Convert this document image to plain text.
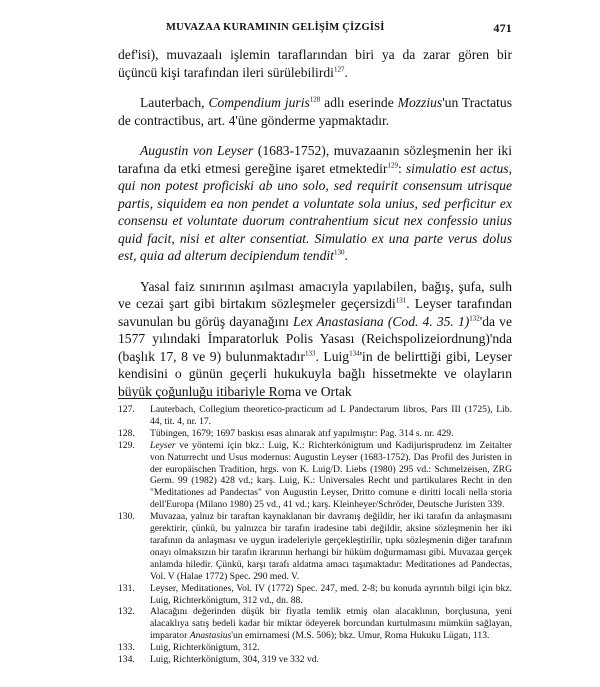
MUVAZAA KURAMININ GELİŞİM ÇİZGİSİ	471

def'isi), muvazaalı işlemin taraflarından biri ya da zarar gören bir üçüncü kişi tarafından ileri sürülebilirdi$^{127}$.

Lauterbach, Compendium juris$^{128}$ adlı eserinde Mozzius'un Tractatus de contractibus, art. 4'üne gönderme yapmaktadır.

Augustin von Leyser (1683-1752), muvazaanın sözleşmenin her iki tarafına da etki etmesi gereğine işaret etmektedir$^{129}$: simulatio est actus, qui non potest proficiski ab uno solo, sed requirit consensum utrisque partis, siquidem ea non pendet a voluntate sola unius, sed perficitur ex consensu et voluntate duorum contrahentium sicut nex confessio unius quid facit, nisi et alter consentiat. Simulatio ex una parte verus dolus est, quia ad alterum decipiendum tendit$^{130}$.

Yasal faiz sınırının aşılması amacıyla yapılabilen, bağış, şufa, sulh ve cezai şart gibi birtakım sözleşmeler geçersizdi$^{131}$. Leyser tarafından savunulan bu görüş dayanağını Lex Anastasiana (Cod. 4. 35. 1)$^{132}$'da ve 1577 yılındaki İmparatorluk Polis Yasası (Reichspolizeiordnung)'nda (başlık 17, 8 ve 9) bulunmaktadır$^{133}$. Luig$^{134}$'in de belirttiği gibi, Leyser kendisini o günün geçerli hukukuyla bağlı hissetmekte ve olayların büyük çoğunluğu itibariyle Roma ve Ortak

127. Lauterbach, Collegium theoretico-practicum ad L Pandectarum libros, Pars III (1725), Lib. 44, tit. 4, nr. 17.
128. Tübingen, 1679; 1697 baskısı esas alınarak atıf yapılmıştır: Pag. 314 s. nr. 429.
129. Leyser ve yöntemi için bkz.: Luig, K.: Richterkönigtum und Kadijurisprudenz im Zeitalter von Naturrecht und Usus modernus: Augustin Leyser (1683-1752). Das Profil des Juristen in der europäischen Tradition, hrgs. von K. Luig/D. Liebs (1980) 295 vd.: Schmelzeisen, ZRG Germ. 99 (1982) 428 vd.; karş. Luig, K.: Universales Recht und partikulares Recht in den "Meditationes ad Pandectas" von Augustin Leyser, Dritto comune e diritti locali nella storia dell'Europa (Milano 1980) 25 vd., 41 vd.; karş. Kleinheyer/Schröder, Deutsche Juristen 339.
130. Muvazaa, yalnız bir taraftan kaynaklanan bir davranış değildir, her iki tarafın da anlaşmasını gerektirir, çünkü, bu yalnızca bir tarafın iradesine tabi değildir, aksine sözleşmenin her iki tarafının da anlaşması ve uygun iradeleriyle gerçekleştirilir, tıpkı sözleşmenin diğer tarafının onayı olmaksızın bir tarafın ikrarının herhangi bir hüküm doğurmaması gibi. Muvazaa gerçek anlamda hiledir. Çünkü, karşı tarafı aldatma amacı taşımaktadır: Meditationes ad Pandectas, Vol. V (Halae 1772) Spec. 290 med. V.
131. Leyser, Meditationes, Vol. IV (1772) Spec. 247, med. 2-8; bu konuda ayrıntılı bilgi için bkz. Luig, Richterkönigtum, 312 vd., dn. 88.
132. Alacağını değerinden düşük bir fiyatla temlik etmiş olan alacaklının, borçlusuna, yeni alacaklıya satış bedeli kadar bir miktar ödeyerek borcundan kurtulmasını mümkün sağlayan, imparator Anastasius'un emirnamesi (M.S. 506); bkz. Umur, Roma Hukuku Lügatı, 113.
133. Luig, Richterkönigtum, 312.
134. Luig, Richterkönigtum, 304, 319 ve 332 vd.
